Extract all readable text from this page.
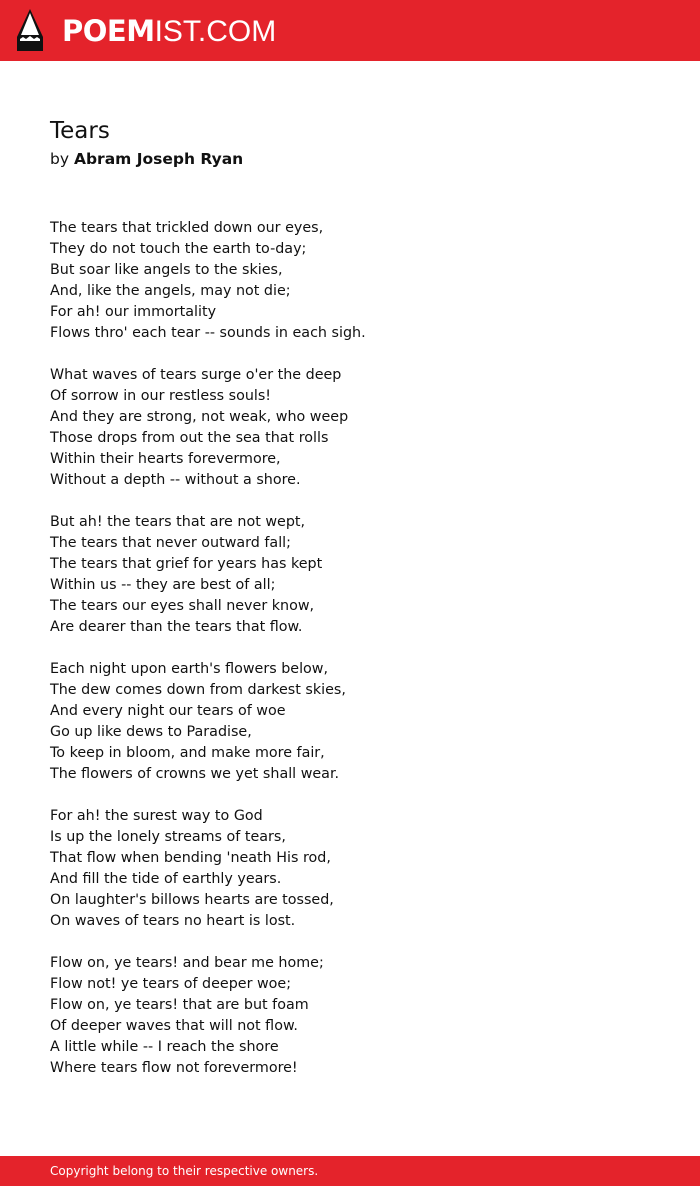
POEMIST.COM
Tears
by Abram Joseph Ryan
The tears that trickled down our eyes,
They do not touch the earth to-day;
But soar like angels to the skies,
And, like the angels, may not die;
For ah! our immortality
Flows thro' each tear -- sounds in each sigh.
What waves of tears surge o'er the deep
Of sorrow in our restless souls!
And they are strong, not weak, who weep
Those drops from out the sea that rolls
Within their hearts forevermore,
Without a depth -- without a shore.
But ah! the tears that are not wept,
The tears that never outward fall;
The tears that grief for years has kept
Within us -- they are best of all;
The tears our eyes shall never know,
Are dearer than the tears that flow.
Each night upon earth's flowers below,
The dew comes down from darkest skies,
And every night our tears of woe
Go up like dews to Paradise,
To keep in bloom, and make more fair,
The flowers of crowns we yet shall wear.
For ah! the surest way to God
Is up the lonely streams of tears,
That flow when bending 'neath His rod,
And fill the tide of earthly years.
On laughter's billows hearts are tossed,
On waves of tears no heart is lost.
Flow on, ye tears! and bear me home;
Flow not! ye tears of deeper woe;
Flow on, ye tears! that are but foam
Of deeper waves that will not flow.
A little while -- I reach the shore
Where tears flow not forevermore!
Copyright belong to their respective owners.
